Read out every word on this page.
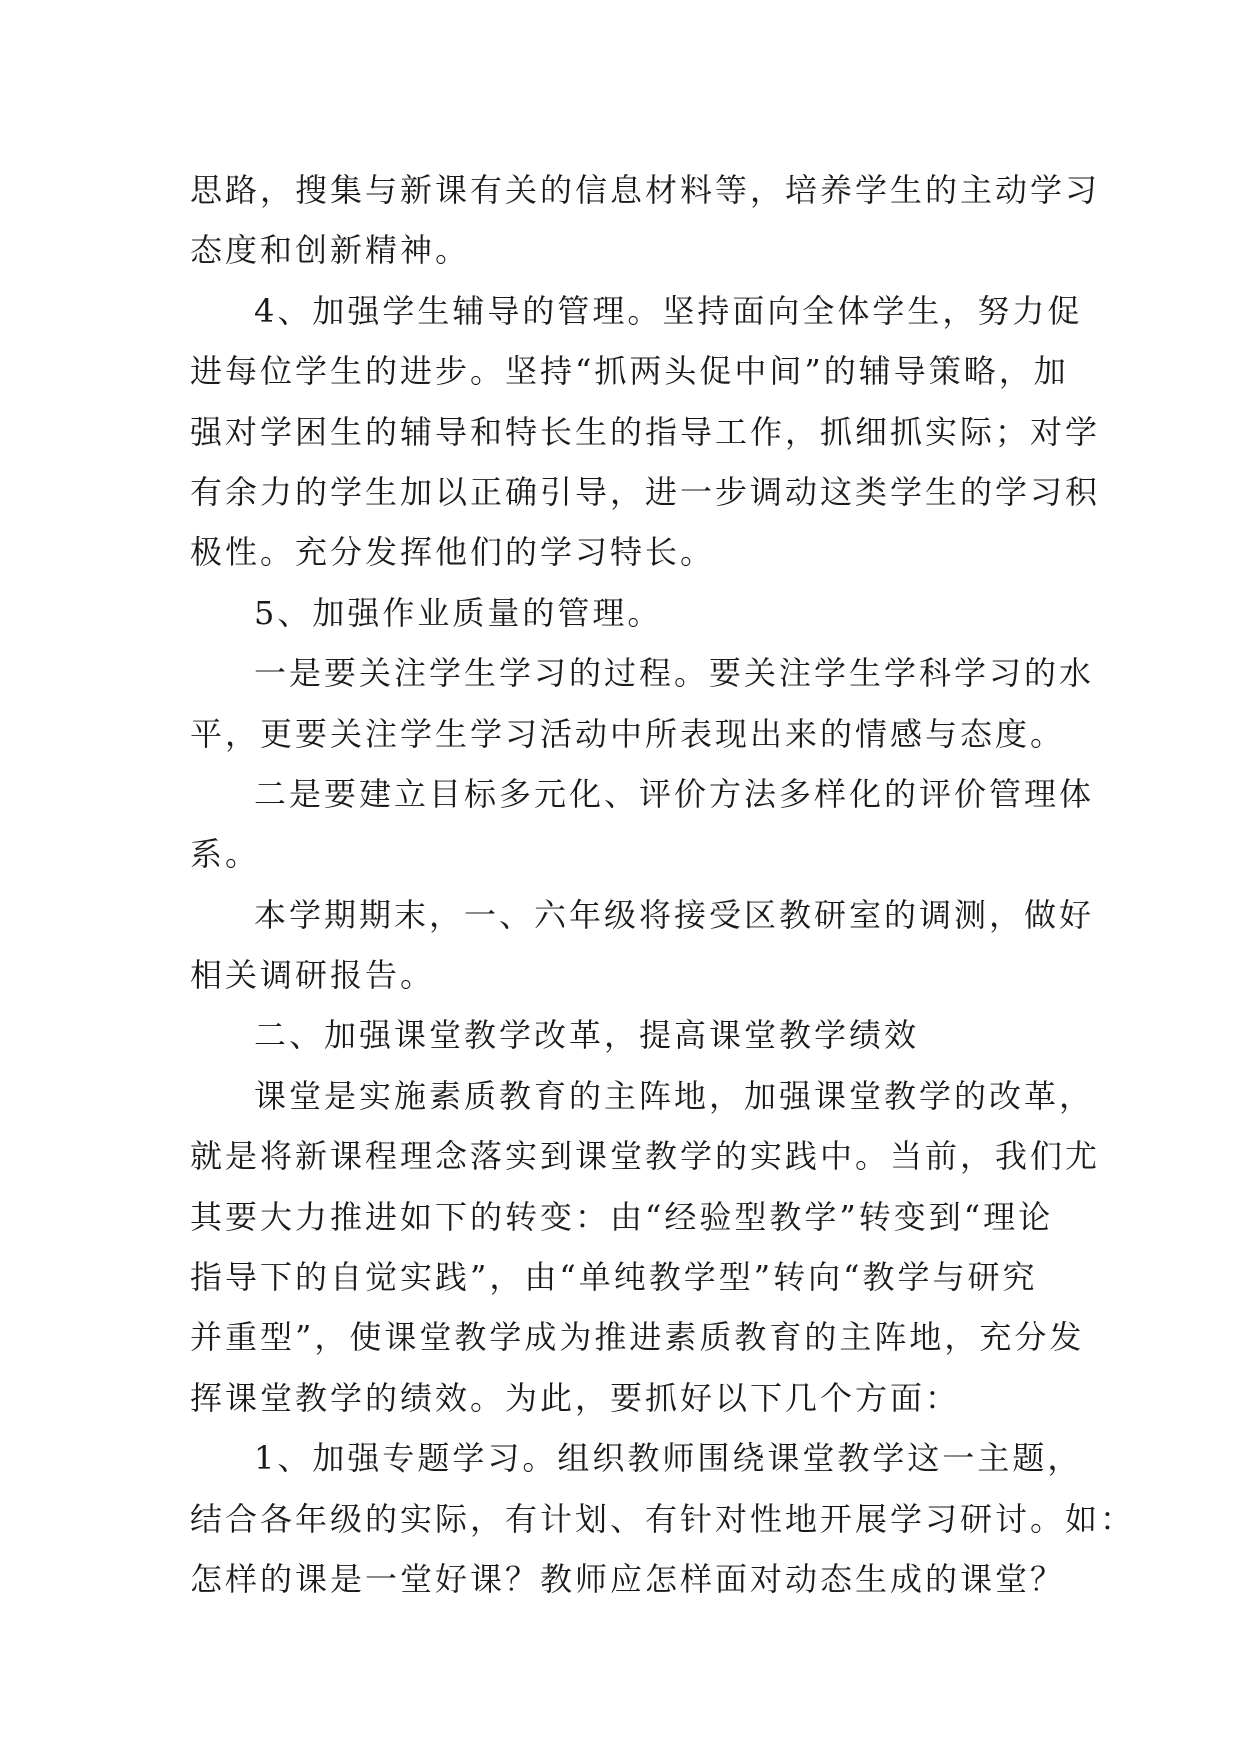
思路，搜集与新课有关的信息材料等，培养学生的主动学习
态度和创新精神。
4、加强学生辅导的管理。坚持面向全体学生，努力促
进每位学生的进步。坚持“抓两头促中间”的辅导策略，加
强对学困生的辅导和特长生的指导工作，抓细抓实际；对学
有余力的学生加以正确引导，进一步调动这类学生的学习积
极性。充分发挥他们的学习特长。
5、加强作业质量的管理。
一是要关注学生学习的过程。要关注学生学科学习的水
平，更要关注学生学习活动中所表现出来的情感与态度。
二是要建立目标多元化、评价方法多样化的评价管理体
系。
本学期期末，一、六年级将接受区教研室的调测，做好
相关调研报告。
二、加强课堂教学改革，提高课堂教学绩效
课堂是实施素质教育的主阵地，加强课堂教学的改革，
就是将新课程理念落实到课堂教学的实践中。当前，我们尤
其要大力推进如下的转变：由“经验型教学”转变到“理论
指导下的自觉实践”，由“单纯教学型”转向“教学与研究
并重型”，使课堂教学成为推进素质教育的主阵地，充分发
挥课堂教学的绩效。为此，要抓好以下几个方面：
1、加强专题学习。组织教师围绕课堂教学这一主题，
结合各年级的实际，有计划、有针对性地开展学习研讨。如：
怎样的课是一堂好课？教师应怎样面对动态生成的课堂？
